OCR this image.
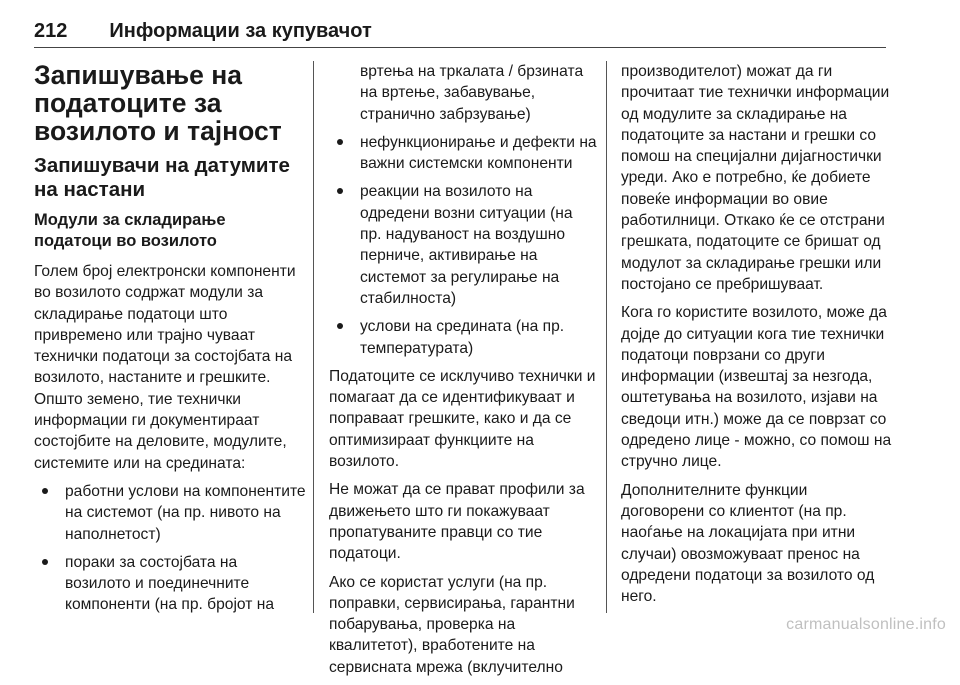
212 Информации за купувачот
Запишување на податоците за возилото и тајност
Запишувачи на датумите на настани
Модули за складирање податоци во возилото

Голем број електронски компоненти во возилото содржат модули за складирање податоци што привремено или трајно чуваат технички податоци за состојбата на возилото, настаните и грешките. Општо земено, тие технички информации ги документираат состојбите на деловите, модулите, системите или на средината:

работни услови на компонентите на системот (на пр. нивото на наполнетост)
пораки за состојбата на возилото и поединечните компоненти (на пр. бројот на
вртења на тркалата / брзината на вртење, забавување, странично забрзување)
нефункционирање и дефекти на важни системски компоненти
реакции на возилото на одредени возни ситуации (на пр. надуваност на воздушно перниче, активирање на системот за регулирање на стабилноста)
услови на средината (на пр. температурата)

Податоците се исклучиво технички и помагаат да се идентификуваат и поправаат грешките, како и да се оптимизираат функциите на возилото.

Не можат да се прават профили за движењето што ги покажуваат пропатуваните правци со тие податоци.

Ако се користат услуги (на пр. поправки, сервисирања, гарантни побарувања, проверка на квалитетот), вработените на сервисната мрежа (вклучително

производителот) можат да ги прочитаат тие технички информации од модулите за складирање на податоците за настани и грешки со помош на специјални дијагностички уреди. Ако е потребно, ќе добиете повеќе информации во овие работилници. Откако ќе се отстрани грешката, податоците се бришат од модулот за складирање грешки или постојано се пребришуваат.

Кога го користите возилото, може да дојде до ситуации кога тие технички податоци поврзани со други информации (извештај за незгода, оштетувања на возилото, изјави на сведоци итн.) може да се поврзат со одредено лице - можно, со помош на стручно лице.

Дополнителните функции договорени со клиентот (на пр. наоѓање на локацијата при итни случаи) овозможуваат пренос на одредени податоци за возилото од него.

carmanualsonline.info
